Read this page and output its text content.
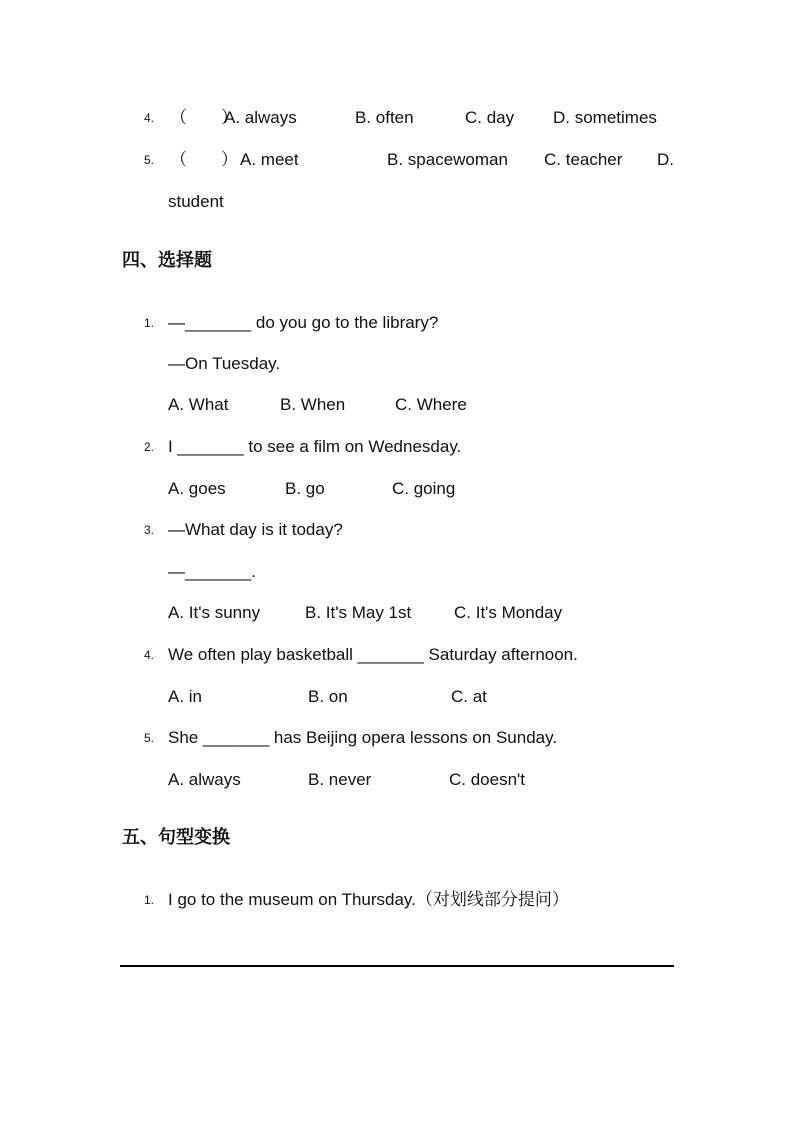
4. （　　）
A. always	B. often	C. day D. sometimes
5. （　　） A. meet	B. spacewoman C. teacher D.
student
四、选择题
1. —_______ do you go to the library?
—On Tuesday.
A. What	B. When	C. Where
2. I _______ to see a film on Wednesday.
A. goes	B. go	C. going
3. —What day is it today?
—_______.
A. It's sunny	B. It's May 1st	C. It's Monday
4. We often play basketball _______ Saturday afternoon.
A. in	B. on	C. at
5. She _______ has Beijing opera lessons on Sunday.
A. always	B. never	C. doesn't
五、句型变换
1. I go to the museum on Thursday.（对划线部分提问）
